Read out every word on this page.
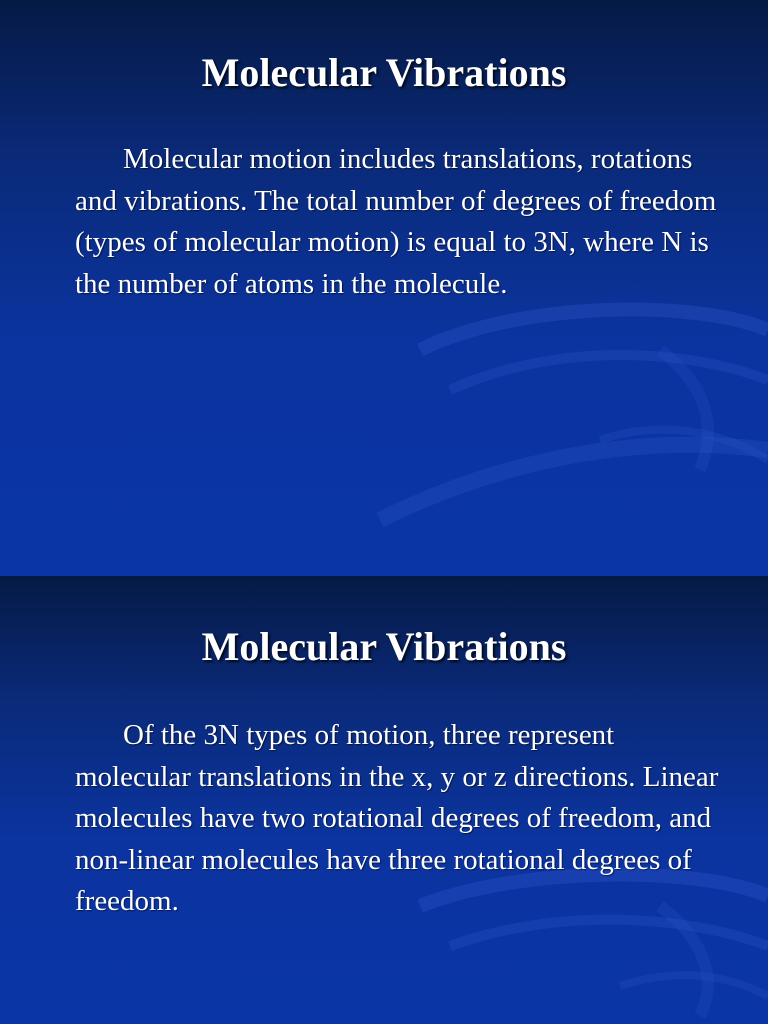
Molecular Vibrations

Molecular motion includes translations, rotations and vibrations. The total number of degrees of freedom (types of molecular motion) is equal to 3N, where N is the number of atoms in the molecule.

Molecular Vibrations

Of the 3N types of motion, three represent molecular translations in the x, y or z directions. Linear molecules have two rotational degrees of freedom, and non-linear molecules have three rotational degrees of freedom.
